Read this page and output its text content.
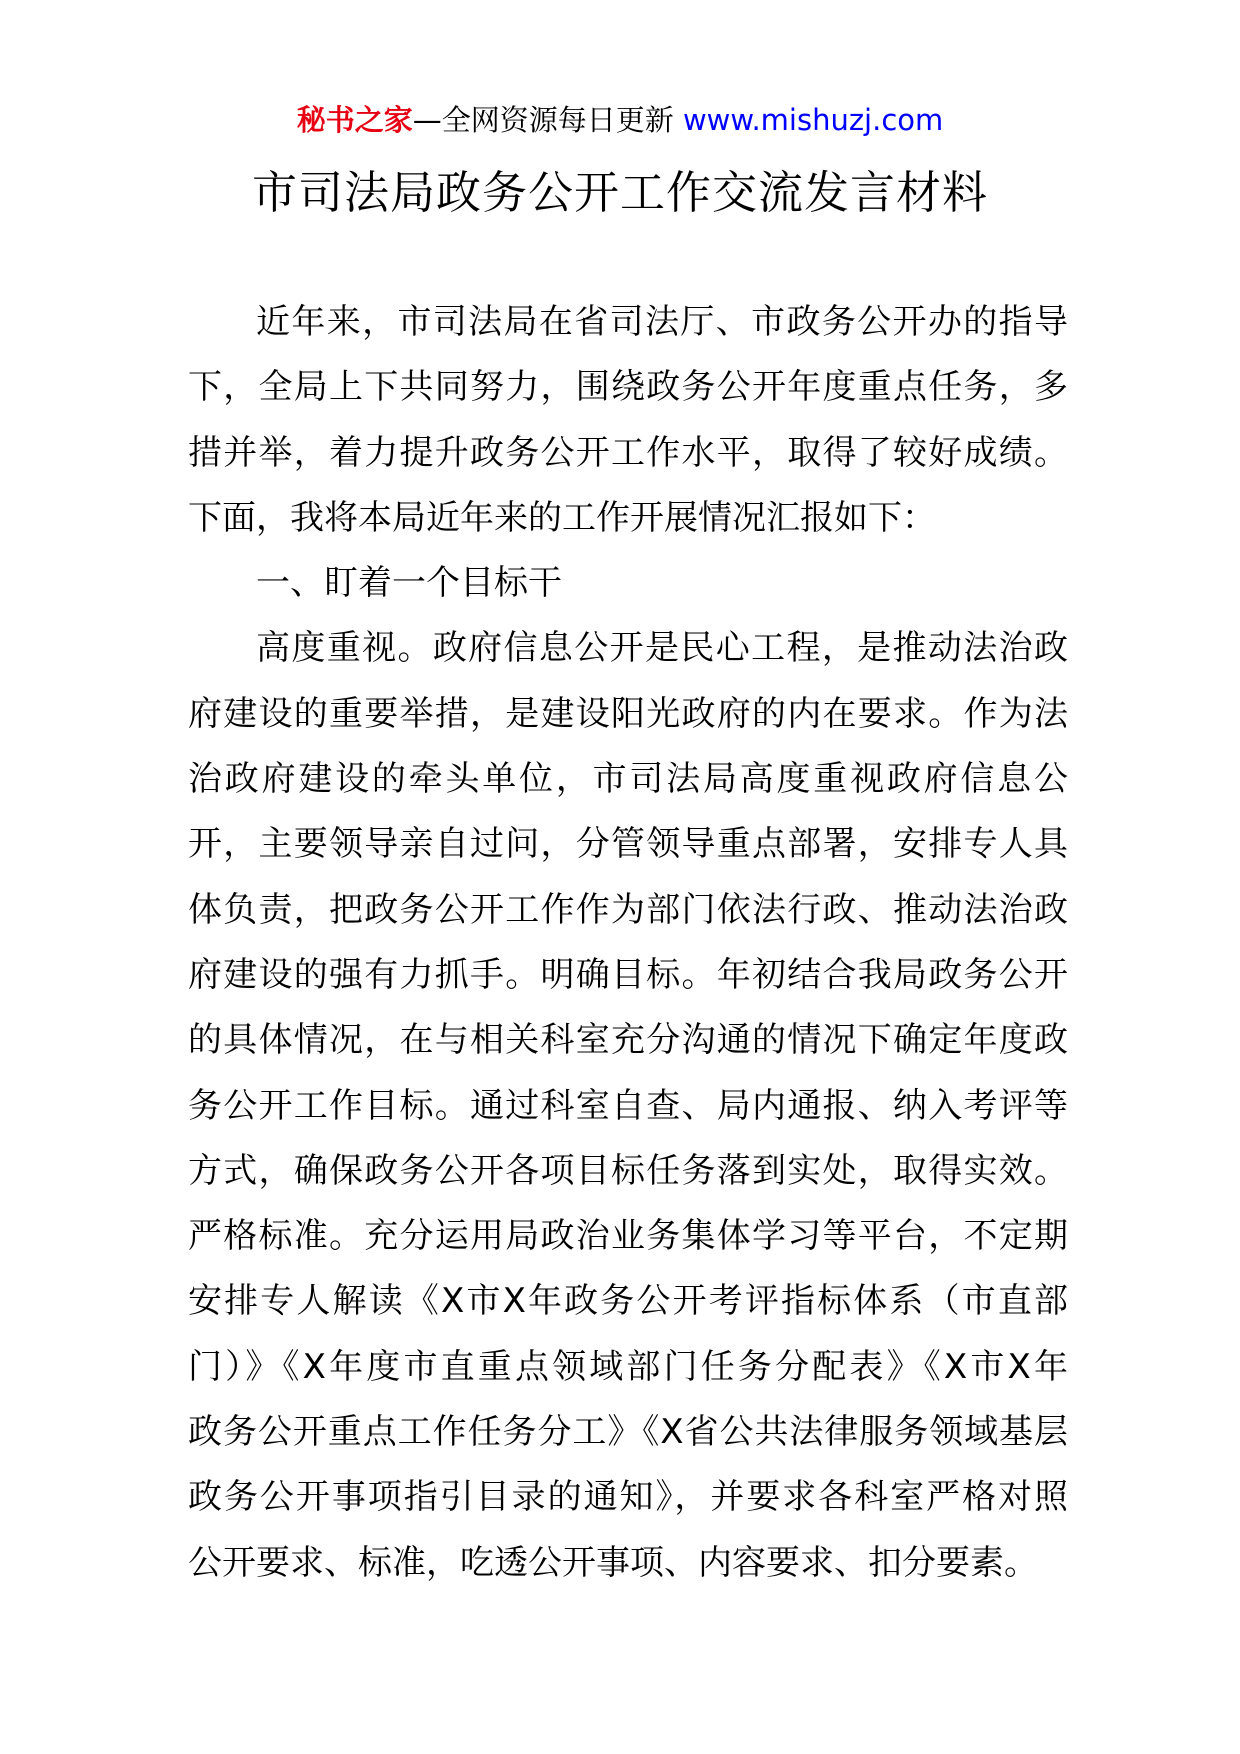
秘书之家—全网资源每日更新 www.mishuzj.com
市司法局政务公开工作交流发言材料
近年来，市司法局在省司法厅、市政务公开办的指导
下，全局上下共同努力，围绕政务公开年度重点任务，多
措并举，着力提升政务公开工作水平，取得了较好成绩。
下面，我将本局近年来的工作开展情况汇报如下：
一、盯着一个目标干
高度重视。政府信息公开是民心工程，是推动法治政
府建设的重要举措，是建设阳光政府的内在要求。作为法
治政府建设的牵头单位，市司法局高度重视政府信息公
开，主要领导亲自过问，分管领导重点部署，安排专人具
体负责，把政务公开工作作为部门依法行政、推动法治政
府建设的强有力抓手。明确目标。年初结合我局政务公开
的具体情况，在与相关科室充分沟通的情况下确定年度政
务公开工作目标。通过科室自查、局内通报、纳入考评等
方式，确保政务公开各项目标任务落到实处，取得实效。
严格标准。充分运用局政治业务集体学习等平台，不定期
安排专人解读《X市X年政务公开考评指标体系（市直部
门）》《X年度市直重点领域部门任务分配表》《X市X年
政务公开重点工作任务分工》《X省公共法律服务领域基层
政务公开事项指引目录的通知》，并要求各科室严格对照
公开要求、标准，吃透公开事项、内容要求、扣分要素。
